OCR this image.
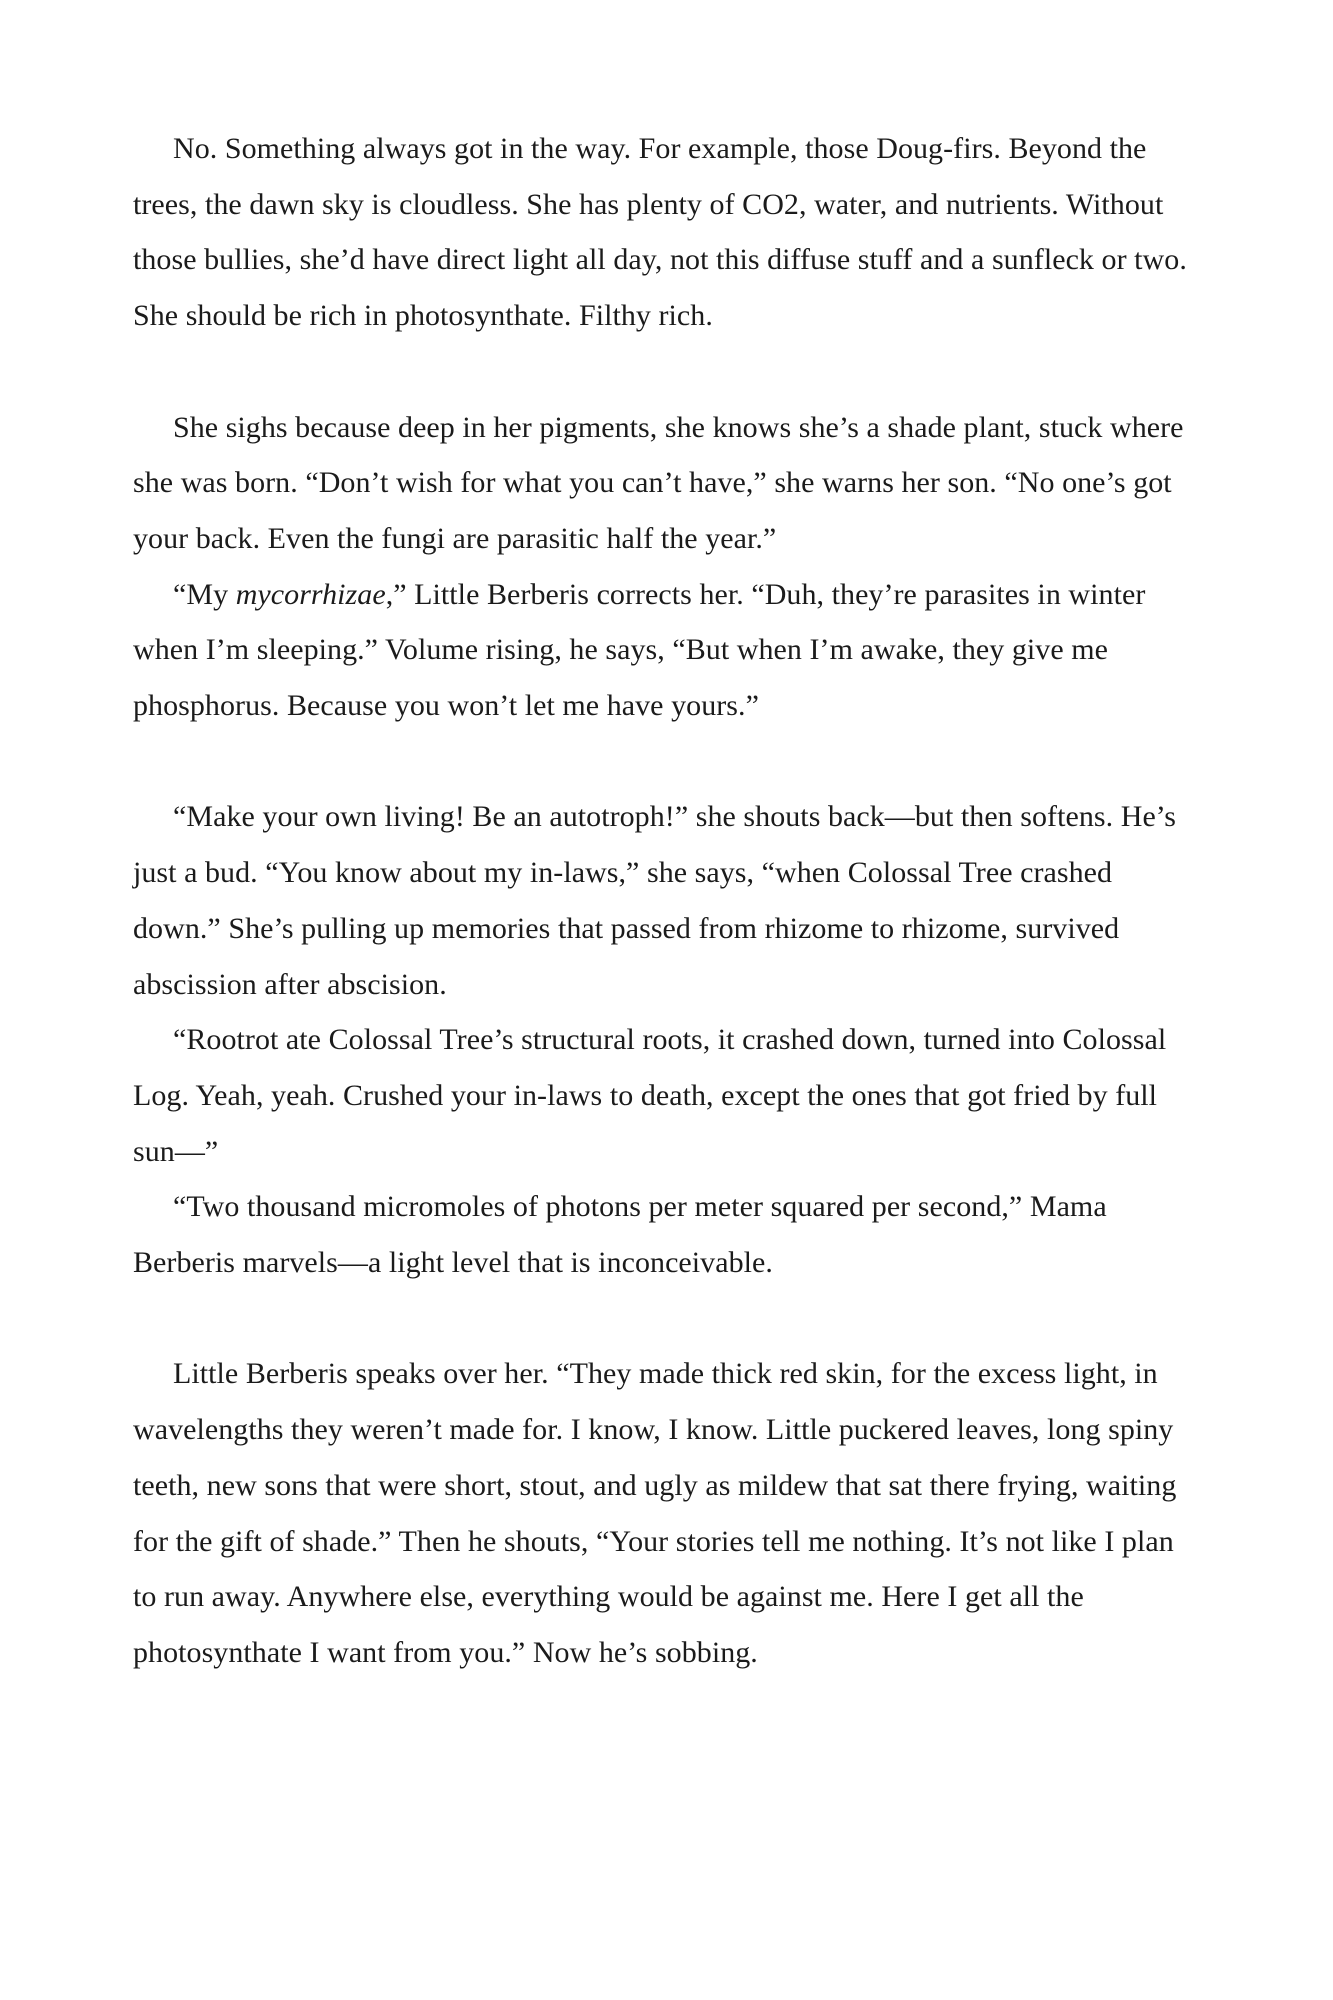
No. Something always got in the way. For example, those Doug-firs. Beyond the trees, the dawn sky is cloudless. She has plenty of CO2, water, and nutrients. Without those bullies, she’d have direct light all day, not this diffuse stuff and a sunfleck or two. She should be rich in photosynthate. Filthy rich.

She sighs because deep in her pigments, she knows she’s a shade plant, stuck where she was born. “Don’t wish for what you can’t have,” she warns her son. “No one’s got your back. Even the fungi are parasitic half the year.”

“My mycorrhizae,” Little Berberis corrects her. “Duh, they’re parasites in winter when I’m sleeping.” Volume rising, he says, “But when I’m awake, they give me phosphorus. Because you won’t let me have yours.”

“Make your own living! Be an autotroph!” she shouts back—but then softens. He’s just a bud. “You know about my in-laws,” she says, “when Colossal Tree crashed down.” She’s pulling up memories that passed from rhizome to rhizome, survived abscission after abscision.

“Rootrot ate Colossal Tree’s structural roots, it crashed down, turned into Colossal Log. Yeah, yeah. Crushed your in-laws to death, except the ones that got fried by full sun—”

“Two thousand micromoles of photons per meter squared per second,” Mama Berberis marvels—a light level that is inconceivable.

Little Berberis speaks over her. “They made thick red skin, for the excess light, in wavelengths they weren’t made for. I know, I know. Little puckered leaves, long spiny teeth, new sons that were short, stout, and ugly as mildew that sat there frying, waiting for the gift of shade.” Then he shouts, “Your stories tell me nothing. It’s not like I plan to run away. Anywhere else, everything would be against me. Here I get all the photosynthate I want from you.” Now he’s sobbing.
